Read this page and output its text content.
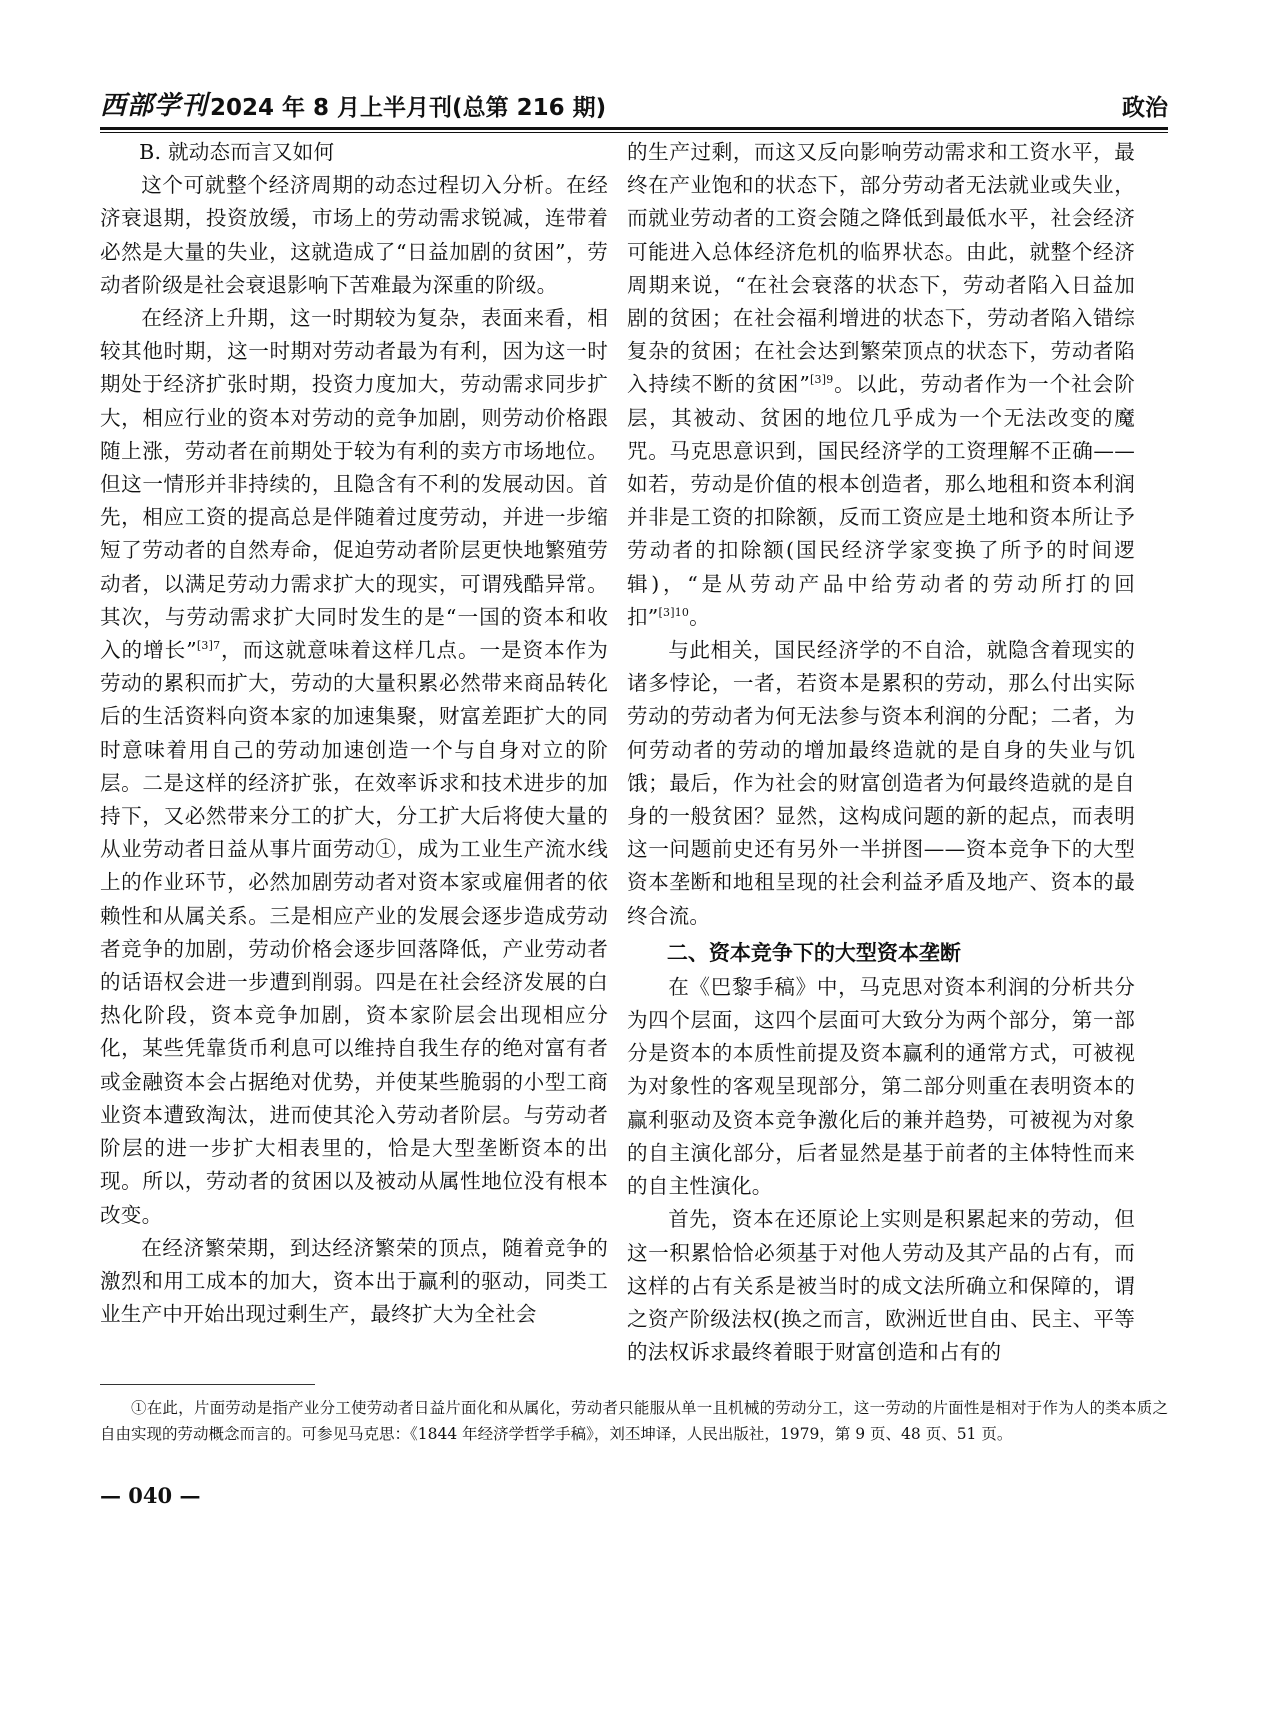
西部学刊 2024 年 8 月上半月刊(总第 216 期)	政治

B. 就动态而言又如何

这个可就整个经济周期的动态过程切入分析。在经济衰退期，投资放缓，市场上的劳动需求锐减，连带着必然是大量的失业，这就造成了“日益加剧的贫困”，劳动者阶级是社会衰退影响下苦难最为深重的阶级。

在经济上升期，这一时期较为复杂，表面来看，相较其他时期，这一时期对劳动者最为有利，因为这一时期处于经济扩张时期，投资力度加大，劳动需求同步扩大，相应行业的资本对劳动的竞争加剧，则劳动价格跟随上涨，劳动者在前期处于较为有利的卖方市场地位。但这一情形并非持续的，且隐含有不利的发展动因。首先，相应工资的提高总是伴随着过度劳动，并进一步缩短了劳动者的自然寿命，促迫劳动者阶层更快地繁殖劳动者，以满足劳动力需求扩大的现实，可谓残酷异常。其次，与劳动需求扩大同时发生的是“一国的资本和收入的增长”$^{[3]7}$，而这就意味着这样几点。一是资本作为劳动的累积而扩大，劳动的大量积累必然带来商品转化后的生活资料向资本家的加速集聚，财富差距扩大的同时意味着用自己的劳动加速创造一个与自身对立的阶层。二是这样的经济扩张，在效率诉求和技术进步的加持下，又必然带来分工的扩大，分工扩大后将使大量的从业劳动者日益从事片面劳动①，成为工业生产流水线上的作业环节，必然加剧劳动者对资本家或雇佣者的依赖性和从属关系。三是相应产业的发展会逐步造成劳动者竞争的加剧，劳动价格会逐步回落降低，产业劳动者的话语权会进一步遭到削弱。四是在社会经济发展的白热化阶段，资本竞争加剧，资本家阶层会出现相应分化，某些凭靠货币利息可以维持自我生存的绝对富有者或金融资本会占据绝对优势，并使某些脆弱的小型工商业资本遭致淘汰，进而使其沦入劳动者阶层。与劳动者阶层的进一步扩大相表里的，恰是大型垄断资本的出现。所以，劳动者的贫困以及被动从属性地位没有根本改变。

在经济繁荣期，到达经济繁荣的顶点，随着竞争的激烈和用工成本的加大，资本出于赢利的驱动，同类工业生产中开始出现过剩生产，最终扩大为全社会

的生产过剩，而这又反向影响劳动需求和工资水平，最终在产业饱和的状态下，部分劳动者无法就业或失业，而就业劳动者的工资会随之降低到最低水平，社会经济可能进入总体经济危机的临界状态。由此，就整个经济周期来说，“在社会衰落的状态下，劳动者陷入日益加剧的贫困；在社会福利增进的状态下，劳动者陷入错综复杂的贫困；在社会达到繁荣顶点的状态下，劳动者陷入持续不断的贫困”$^{[3]9}$。以此，劳动者作为一个社会阶层，其被动、贫困的地位几乎成为一个无法改变的魔咒。马克思意识到，国民经济学的工资理解不正确——如若，劳动是价值的根本创造者，那么地租和资本利润并非是工资的扣除额，反而工资应是土地和资本所让予劳动者的扣除额(国民经济学家变换了所予的时间逻辑)，“是从劳动产品中给劳动者的劳动所打的回扣”$^{[3]10}$。

与此相关，国民经济学的不自洽，就隐含着现实的诸多悖论，一者，若资本是累积的劳动，那么付出实际劳动的劳动者为何无法参与资本利润的分配；二者，为何劳动者的劳动的增加最终造就的是自身的失业与饥饿；最后，作为社会的财富创造者为何最终造就的是自身的一般贫困？显然，这构成问题的新的起点，而表明这一问题前史还有另外一半拼图——资本竞争下的大型资本垄断和地租呈现的社会利益矛盾及地产、资本的最终合流。

二、资本竞争下的大型资本垄断

在《巴黎手稿》中，马克思对资本利润的分析共分为四个层面，这四个层面可大致分为两个部分，第一部分是资本的本质性前提及资本赢利的通常方式，可被视为对象性的客观呈现部分，第二部分则重在表明资本的赢利驱动及资本竞争激化后的兼并趋势，可被视为对象的自主演化部分，后者显然是基于前者的主体特性而来的自主性演化。

首先，资本在还原论上实则是积累起来的劳动，但这一积累恰恰必须基于对他人劳动及其产品的占有，而这样的占有关系是被当时的成文法所确立和保障的，谓之资产阶级法权(换之而言，欧洲近世自由、民主、平等的法权诉求最终着眼于财富创造和占有的

①在此，片面劳动是指产业分工使劳动者日益片面化和从属化，劳动者只能服从单一且机械的劳动分工，这一劳动的片面性是相对于作为人的类本质之自由实现的劳动概念而言的。可参见马克思：《1844 年经济学哲学手稿》，刘丕坤译，人民出版社，1979，第 9 页、48 页、51 页。

— 040 —
